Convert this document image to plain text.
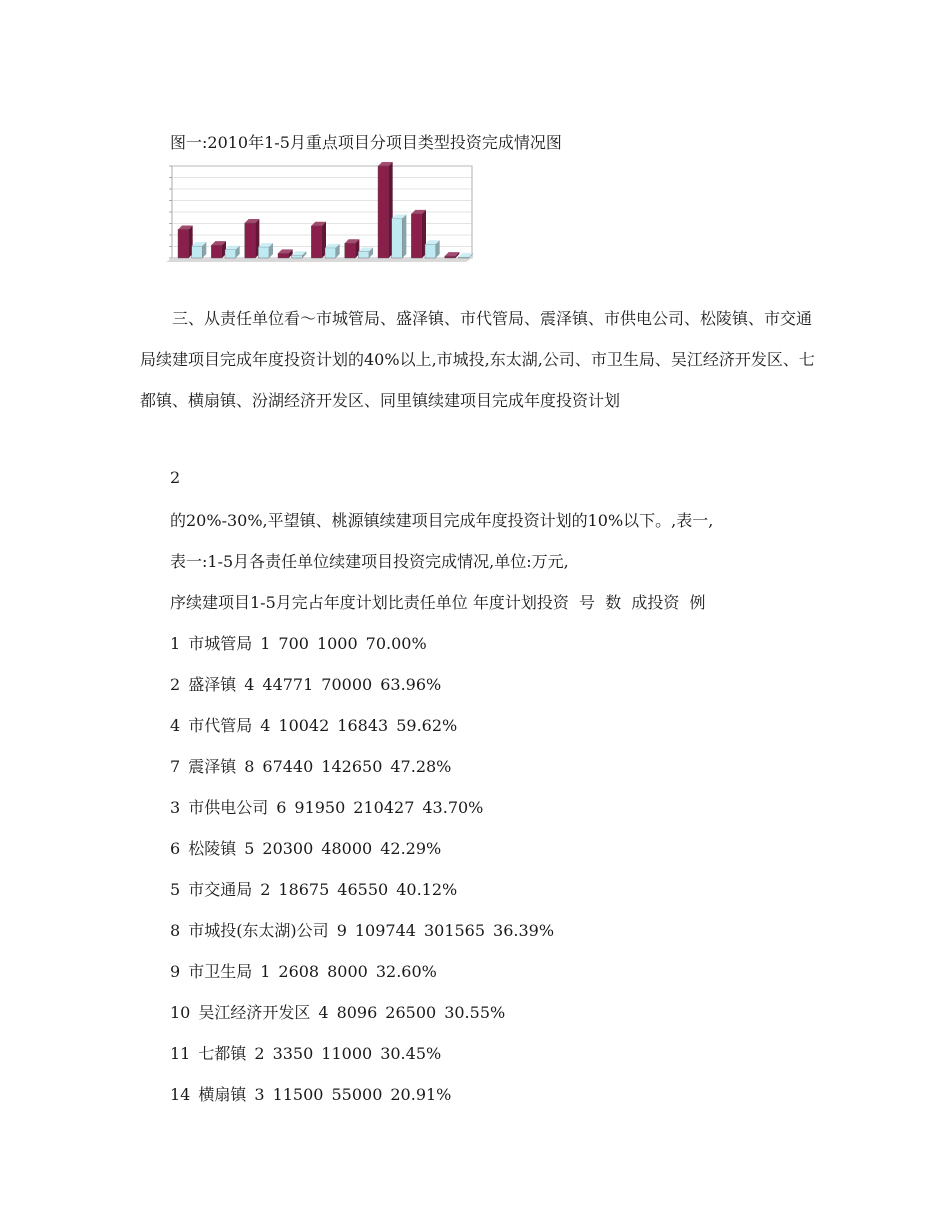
图一:2010年1-5月重点项目分项目类型投资完成情况图

三、从责任单位看～市城管局、盛泽镇、市代管局、震泽镇、市供电公司、松陵镇、市交通局续建项目完成年度投资计划的40%以上,市城投,东太湖,公司、市卫生局、吴江经济开发区、七都镇、横扇镇、汾湖经济开发区、同里镇续建项目完成年度投资计划

2
的20%-30%,平望镇、桃源镇续建项目完成年度投资计划的10%以下。,表一,
表一:1-5月各责任单位续建项目投资完成情况,单位:万元,
序续建项目1-5月完占年度计划比责任单位 年度计划投资  号  数  成投资  例
1 市城管局 1 700 1000 70.00%
2 盛泽镇 4 44771 70000 63.96%
4 市代管局 4 10042 16843 59.62%
7 震泽镇 8 67440 142650 47.28%
3 市供电公司 6 91950 210427 43.70%
6 松陵镇 5 20300 48000 42.29%
5 市交通局 2 18675 46550 40.12%
8 市城投(东太湖)公司 9 109744 301565 36.39%
9 市卫生局 1 2608 8000 32.60%
10 吴江经济开发区 4 8096 26500 30.55%
11 七都镇 2 3350 11000 30.45%
14 横扇镇 3 11500 55000 20.91%
